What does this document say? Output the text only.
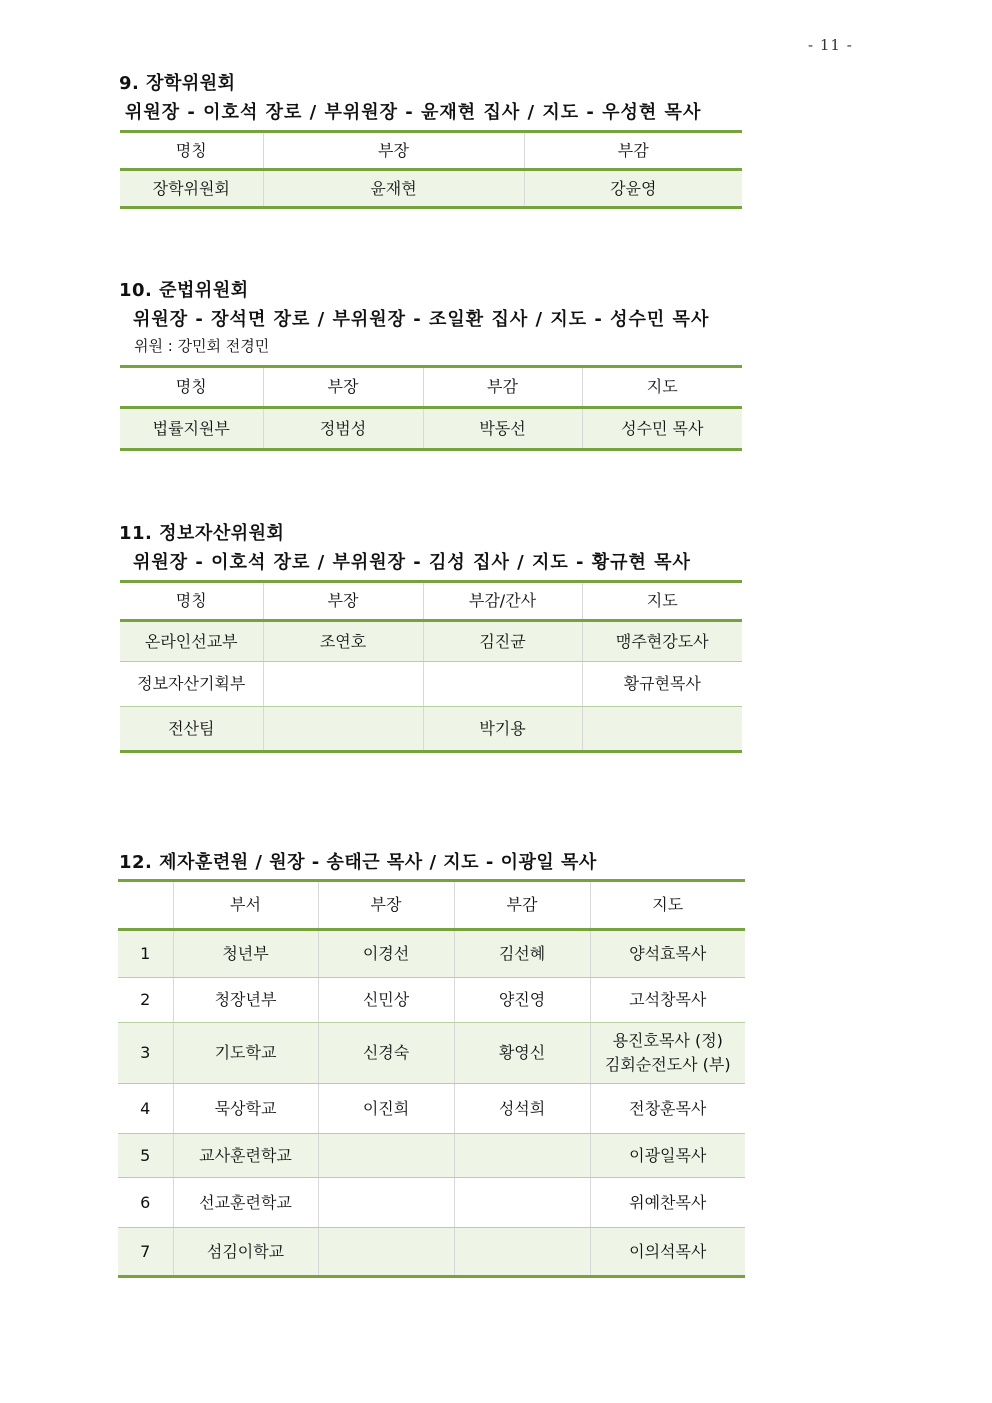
- 11 -
9. 장학위원회
위원장 - 이호석 장로 / 부위원장 - 윤재현 집사 / 지도 - 우성현 목사
명칭	부장	부감
장학위원회	윤재현	강윤영
10. 준법위원회
위원장 - 장석면 장로 / 부위원장 - 조일환 집사 / 지도 - 성수민 목사
위원 : 강민회 전경민
명칭	부장	부감	지도
법률지원부	정범성	박동선	성수민 목사
11. 정보자산위원회
위원장 - 이호석 장로 / 부위원장 - 김성 집사 / 지도 - 황규현 목사
명칭	부장	부감/간사	지도
온라인선교부	조연호	김진균	맹주현강도사
정보자산기획부			황규현목사
전산팀		박기용	
12. 제자훈련원 / 원장 - 송태근 목사 / 지도 - 이광일 목사
	부서	부장	부감	지도
1	청년부	이경선	김선혜	양석효목사
2	청장년부	신민상	양진영	고석창목사
3	기도학교	신경숙	황영신	용진호목사 (정)
김회순전도사 (부)

4	묵상학교	이진희	성석희	전창훈목사
5	교사훈련학교			이광일목사
6	선교훈련학교			위예찬목사
7	섬김이학교			이의석목사
